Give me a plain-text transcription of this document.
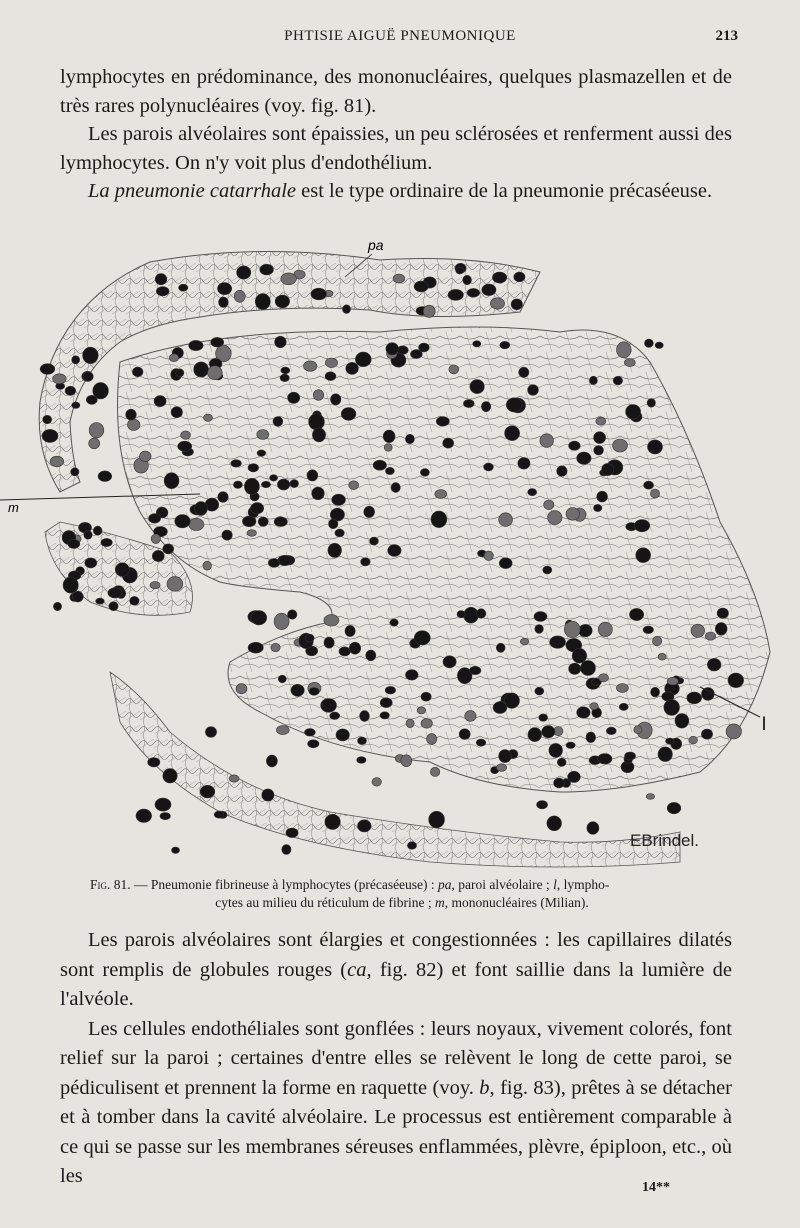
PHTISIE AIGUË PNEUMONIQUE	213

lymphocytes en prédominance, des mononucléaires, quelques plasmazellen et de très rares polynucléaires (voy. fig. 81).

Les parois alvéolaires sont épaissies, un peu sclérosées et renferment aussi des lymphocytes. On n'y voit plus d'endothélium.

La pneumonie catarrhale est le type ordinaire de la pneumonie précaséeuse.

m
pa
l
EBrindel.
Fig. 81. — Pneumonie fibrineuse à lymphocytes (précaséeuse) : pa, paroi alvéolaire ; l, lympho-
cytes au milieu du réticulum de fibrine ; m, mononucléaires (Milian).

Les parois alvéolaires sont élargies et congestionnées : les capillaires dilatés sont remplis de globules rouges (ca, fig. 82) et font saillie dans la lumière de l'alvéole.

Les cellules endothéliales sont gonflées : leurs noyaux, vivement colorés, font relief sur la paroi ; certaines d'entre elles se relèvent le long de cette paroi, se pédiculisent et prennent la forme en raquette (voy. b, fig. 83), prêtes à se détacher et à tomber dans la cavité alvéolaire. Le processus est entièrement comparable à ce qui se passe sur les membranes séreuses enflammées, plèvre, épiploon, etc., où les

14**
